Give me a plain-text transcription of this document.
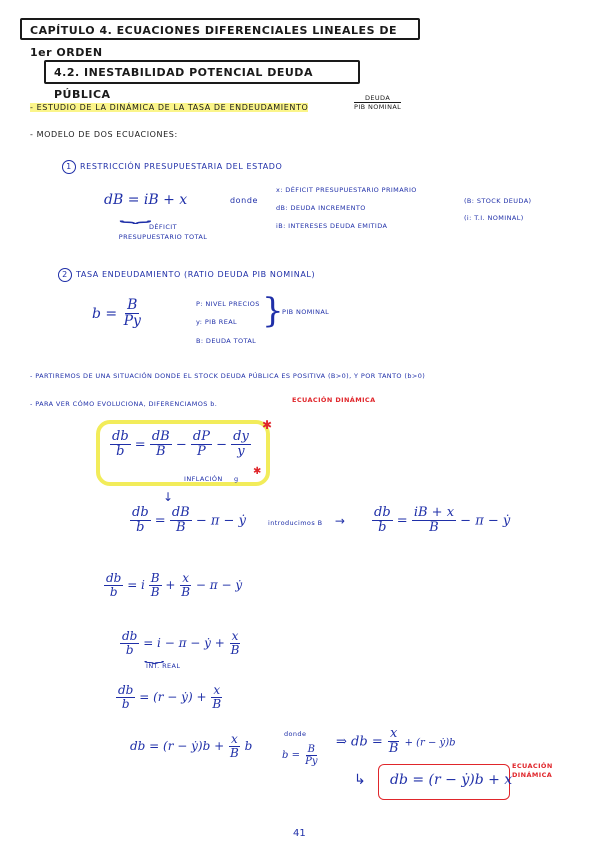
CAPÍTULO 4. ECUACIONES DIFERENCIALES LINEALES DE 1er ORDEN
4.2. INESTABILIDAD POTENCIAL DEUDA PÚBLICA
- ESTUDIO DE LA DINÁMICA DE LA TASA DE ENDEUDAMIENTO
DEUDA
PIB NOMINAL
- MODELO DE DOS ECUACIONES:
1 RESTRICCIÓN PRESUPUESTARIA DEL ESTADO
dB = iB + x
⏟
DÉFICIT PRESUPUESTARIO TOTAL
donde
x: DÉFICIT PRESUPUESTARIO PRIMARIO
dB: DEUDA INCREMENTO
iB: INTERESES DEUDA EMITIDA
(B: STOCK DEUDA)
(i: T.I. NOMINAL)
2 TASA ENDEUDAMIENTO (RATIO DEUDA PIB NOMINAL)
$b = \frac{B}{Py}$	P: NIVEL PRECIOS
y: PIB REAL
B: DEUDA TOTAL
}
PIB NOMINAL
- PARTIREMOS DE UNA SITUACIÓN DONDE EL STOCK DEUDA PÚBLICA ES POSITIVA (B>0), Y POR TANTO (b>0)
- PARA VER CÓMO EVOLUCIONA, DIFERENCIAMOS b.	ECUACIÓN DINÁMICA
$\frac{db}{b} = \frac{dB}{B} - \frac{dP}{P} - \frac{dy}{y}$
INFLACIÓN g
✱
✱
↓
$\frac{db}{b} = \frac{dB}{B} - \pi$ − ẏ	introducimos $B \to \frac{db}{b} = \frac{iB + x}{B} - \pi$ − ẏ
$\frac{db}{b} = i \frac{B}{B} + \frac{x}{B} - \pi$ − ẏ
$\frac{db}{b} = i - \pi$ − ẏ + $\frac{x}{B}$
⏟
INT. REAL
$\frac{db}{b} = (r$ − ẏ) + $\frac{x}{B}$
db = (r − ẏ)b + $\frac{x}{B}$ b
donde
$b = \frac{B}{Py}$
⇒ db = $\frac{x}{B} + (r$ − ẏ)b
↳ db = (r − ẏ)b + x
ECUACIÓN DINÁMICA
41
